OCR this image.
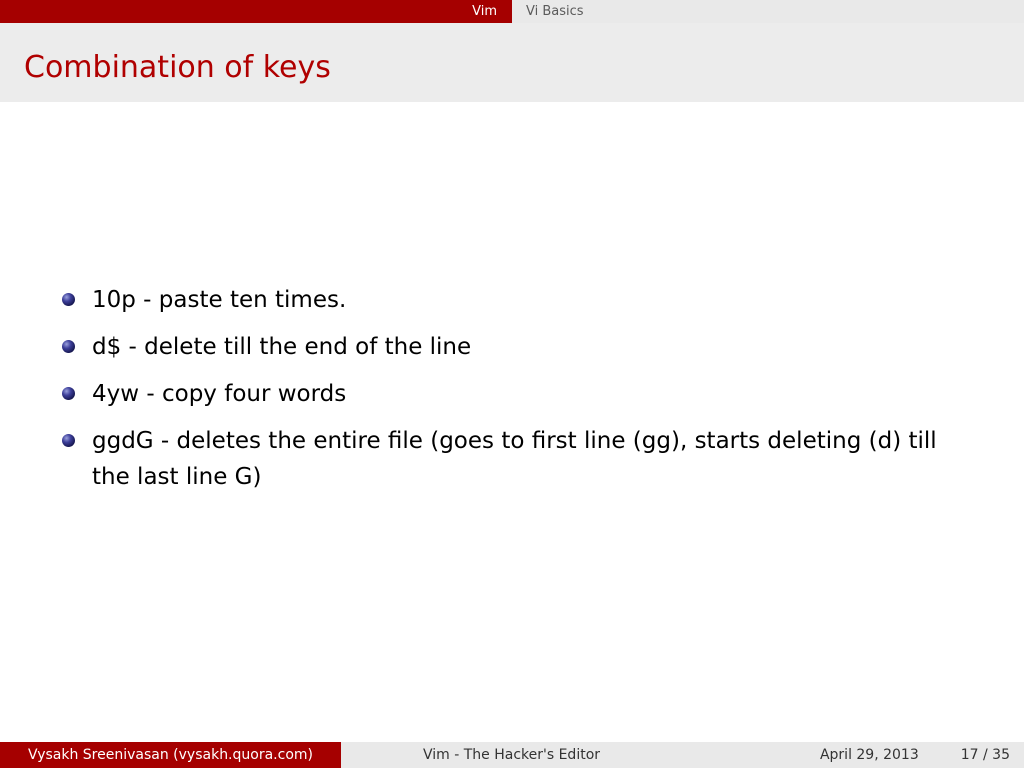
Vim	Vi Basics
Combination of keys
10p - paste ten times.
d$ - delete till the end of the line
4yw - copy four words
ggdG - deletes the entire file (goes to first line (gg), starts deleting (d) till the last line G)
Vysakh Sreenivasan (vysakh.quora.com)	Vim - The Hacker's Editor	April 29, 2013	17 / 35
